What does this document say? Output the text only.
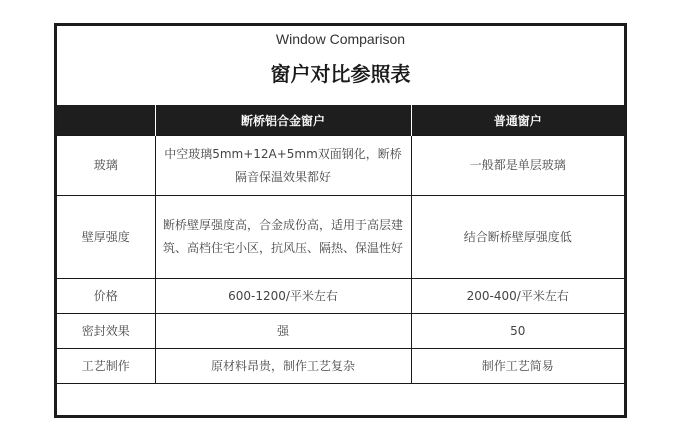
Window Comparison
窗户对比参照表
	断桥铝合金窗户	普通窗户
玻璃	中空玻璃5mm+12A+5mm双面钢化，断桥隔音保温效果都好	一般都是单层玻璃
壁厚强度	断桥壁厚强度高，合金成份高，适用于高层建筑、高档住宅小区，抗风压、隔热、保温性好	结合断桥壁厚强度低
价格	600-1200/平米左右	200-400/平米左右
密封效果	强	50
工艺制作	原材料昂贵，制作工艺复杂	制作工艺简易
